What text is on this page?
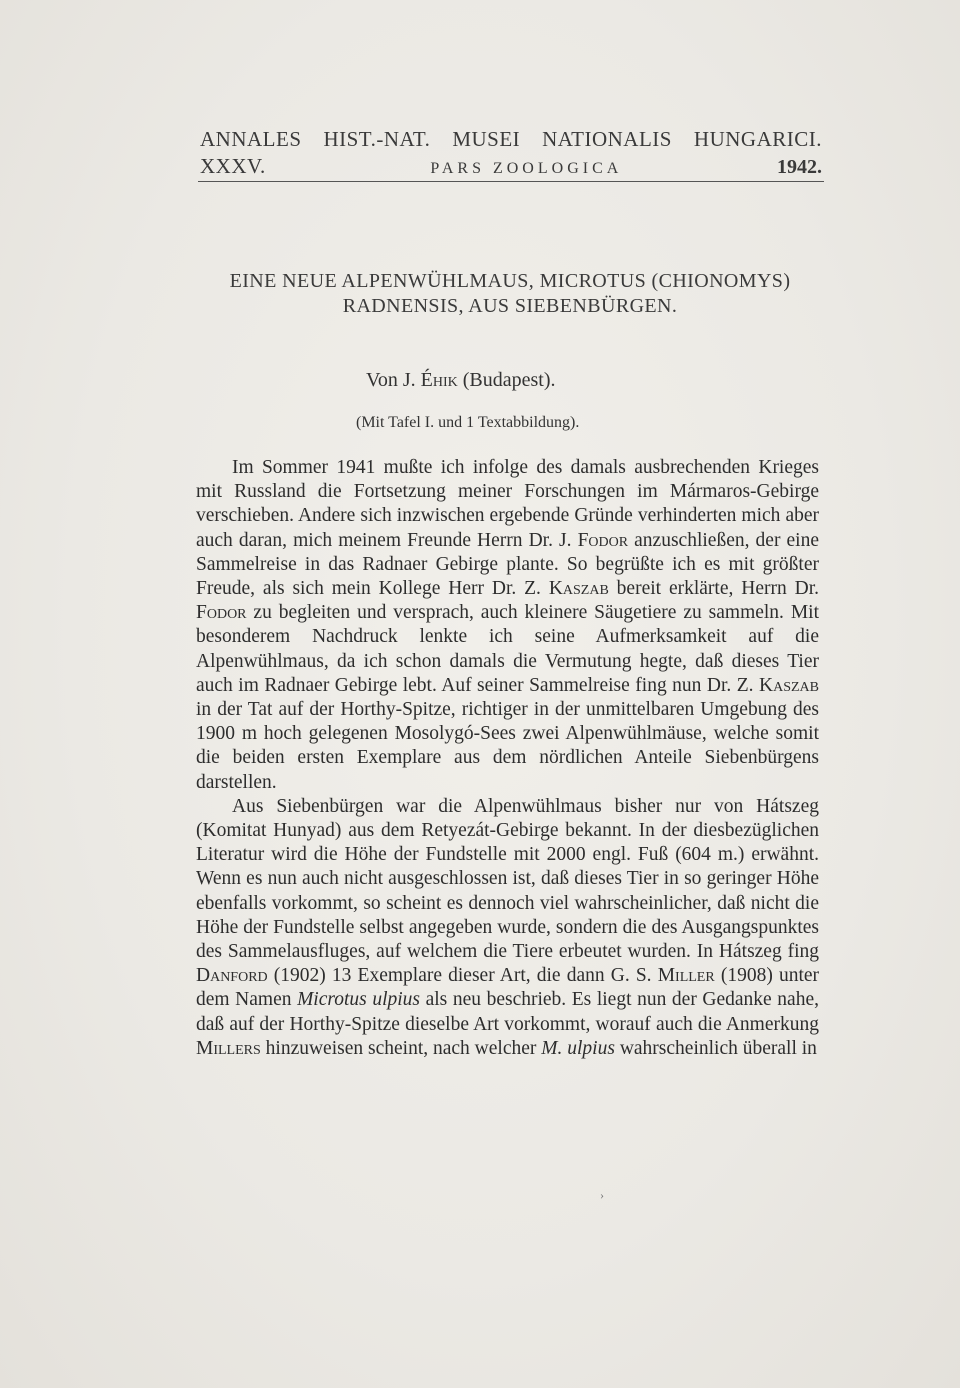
ANNALES HIST.-NAT. MUSEI NATIONALIS HUNGARICI.
XXXV.	PARS ZOOLOGICA	1942.
EINE NEUE ALPENWÜHLMAUS, MICROTUS (CHIONOMYS)
RADNENSIS, AUS SIEBENBÜRGEN.
Von J. Éhik (Budapest).
(Mit Tafel I. und 1 Textabbildung).

Im Sommer 1941 mußte ich infolge des damals ausbrechenden Krieges mit Russland die Fortsetzung meiner Forschungen im Mármaros-Gebirge verschieben. Andere sich inzwischen ergebende Gründe verhinderten mich aber auch daran, mich meinem Freunde Herrn Dr. J. Fodor anzuschließen, der eine Sammelreise in das Radnaer Gebirge plante. So begrüßte ich es mit größter Freude, als sich mein Kollege Herr Dr. Z. Kaszab bereit erklärte, Herrn Dr. Fodor zu begleiten und versprach, auch kleinere Säugetiere zu sammeln. Mit besonderem Nachdruck lenkte ich seine Aufmerksamkeit auf die Alpenwühlmaus, da ich schon damals die Vermutung hegte, daß dieses Tier auch im Radnaer Gebirge lebt. Auf seiner Sammelreise fing nun Dr. Z. Kaszab in der Tat auf der Horthy-Spitze, richtiger in der unmittelbaren Umgebung des 1900 m hoch gelegenen Mosolygó-Sees zwei Alpenwühlmäuse, welche somit die beiden ersten Exemplare aus dem nördlichen Anteile Siebenbürgens darstellen.

Aus Siebenbürgen war die Alpenwühlmaus bisher nur von Hátszeg (Komitat Hunyad) aus dem Retyezát-Gebirge bekannt. In der diesbezüglichen Literatur wird die Höhe der Fundstelle mit 2000 engl. Fuß (604 m.) erwähnt. Wenn es nun auch nicht ausgeschlossen ist, daß dieses Tier in so geringer Höhe ebenfalls vorkommt, so scheint es dennoch viel wahrscheinlicher, daß nicht die Höhe der Fundstelle selbst angegeben wurde, sondern die des Ausgangspunktes des Sammelausfluges, auf welchem die Tiere erbeutet wurden. In Hátszeg fing Danford (1902) 13 Exemplare dieser Art, die dann G. S. Miller (1908) unter dem Namen Microtus ulpius als neu beschrieb. Es liegt nun der Gedanke nahe, daß auf der Horthy-Spitze dieselbe Art vorkommt, worauf auch die Anmerkung Millers hinzuweisen scheint, nach welcher M. ulpius wahrscheinlich überall in

›
